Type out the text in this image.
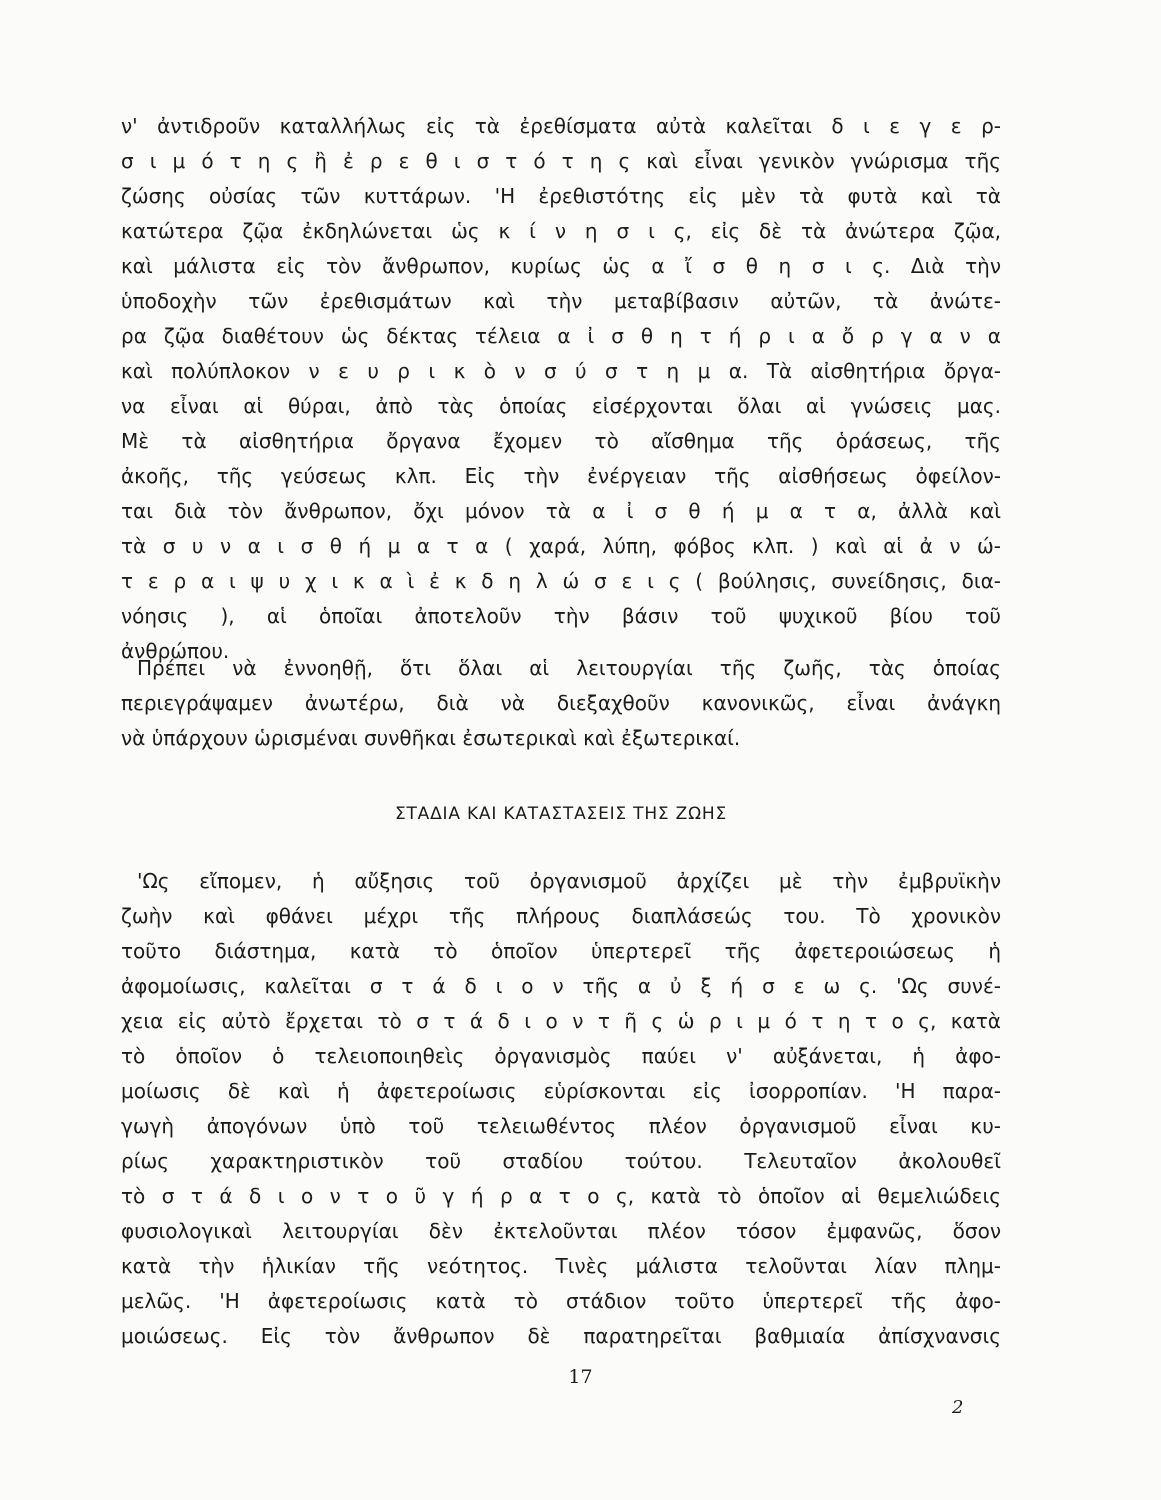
ν' ἀντιδροῦν καταλλήλως εἰς τὰ ἐρεθίσματα αὐτὰ καλεῖται δ ι ε γ ε ρ-
σ ι μ ό τ η ς ἢ ἐ ρ ε θ ι σ τ ό τ η ς καὶ εἶναι γενικὸν γνώρισμα τῆς
ζώσης οὐσίας τῶν κυττάρων. 'Η ἐρεθιστότης εἰς μὲν τὰ φυτὰ καὶ τὰ
κατώτερα ζῷα ἐκδηλώνεται ὡς κ ί ν η σ ι ς, εἰς δὲ τὰ ἀνώτερα ζῷα,
καὶ μάλιστα εἰς τὸν ἄνθρωπον, κυρίως ὡς α ἴ σ θ η σ ι ς. Διὰ τὴν
ὑποδοχὴν τῶν ἐρεθισμάτων καὶ τὴν μεταβίβασιν αὐτῶν, τὰ ἀνώτε-
ρα ζῷα διαθέτουν ὡς δέκτας τέλεια α ἰ σ θ η τ ή ρ ι α ὄ ρ γ α ν α
καὶ πολύπλοκον ν ε υ ρ ι κ ὸ ν σ ύ σ τ η μ α. Τὰ αἰσθητήρια ὄργα-
να εἶναι αἱ θύραι, ἀπὸ τὰς ὁποίας εἰσέρχονται ὅλαι αἱ γνώσεις μας.
Μὲ τὰ αἰσθητήρια ὄργανα ἔχομεν τὸ αἴσθημα τῆς ὁράσεως, τῆς
ἀκοῆς, τῆς γεύσεως κλπ. Εἰς τὴν ἐνέργειαν τῆς αἰσθήσεως ὀφείλον-
ται διὰ τὸν ἄνθρωπον, ὄχι μόνον τὰ α ἰ σ θ ή μ α τ α, ἀλλὰ καὶ
τὰ σ υ ν α ι σ θ ή μ α τ α ( χαρά, λύπη, φόβος κλπ. ) καὶ αἱ ἀ ν ώ-
τ ε ρ α ι ψ υ χ ι κ α ὶ ἐ κ δ η λ ώ σ ε ι ς ( βούλησις, συνείδησις, δια-
νόησις ), αἱ ὁποῖαι ἀποτελοῦν τὴν βάσιν τοῦ ψυχικοῦ βίου τοῦ
ἀνθρώπου.
Πρέπει νὰ ἐννοηθῇ, ὅτι ὅλαι αἱ λειτουργίαι τῆς ζωῆς, τὰς ὁποίας
περιεγράψαμεν ἀνωτέρω, διὰ νὰ διεξαχθοῦν κανονικῶς, εἶναι ἀνάγκη
νὰ ὑπάρχουν ὡρισμέναι συνθῆκαι ἐσωτερικαὶ καὶ ἐξωτερικαί.
ΣΤΑΔΙΑ ΚΑΙ ΚΑΤΑΣΤΑΣΕΙΣ ΤΗΣ ΖΩΗΣ
'Ως εἴπομεν, ἡ αὔξησις τοῦ ὀργανισμοῦ ἀρχίζει μὲ τὴν ἐμβρυϊκὴν
ζωὴν καὶ φθάνει μέχρι τῆς πλήρους διαπλάσεώς του. Τὸ χρονικὸν
τοῦτο διάστημα, κατὰ τὸ ὁποῖον ὑπερτερεῖ τῆς ἀφετεροιώσεως ἡ
ἀφομοίωσις, καλεῖται σ τ ά δ ι ο ν τῆς α ὐ ξ ή σ ε ω ς. 'Ως συνέ-
χεια εἰς αὐτὸ ἔρχεται τὸ σ τ ά δ ι ο ν τ ῆ ς ὡ ρ ι μ ό τ η τ ο ς, κατὰ
τὸ ὁποῖον ὁ τελειοποιηθεὶς ὀργανισμὸς παύει ν' αὐξάνεται, ἡ ἀφο-
μοίωσις δὲ καὶ ἡ ἀφετεροίωσις εὑρίσκονται εἰς ἰσορροπίαν. 'Η παρα-
γωγὴ ἀπογόνων ὑπὸ τοῦ τελειωθέντος πλέον ὀργανισμοῦ εἶναι κυ-
ρίως χαρακτηριστικὸν τοῦ σταδίου τούτου. Τελευταῖον ἀκολουθεῖ
τὸ σ τ ά δ ι ο ν τ ο ῦ γ ή ρ α τ ο ς, κατὰ τὸ ὁποῖον αἱ θεμελιώδεις
φυσιολογικαὶ λειτουργίαι δὲν ἐκτελοῦνται πλέον τόσον ἐμφανῶς, ὅσον
κατὰ τὴν ἡλικίαν τῆς νεότητος. Τινὲς μάλιστα τελοῦνται λίαν πλημ-
μελῶς. 'Η ἀφετεροίωσις κατὰ τὸ στάδιον τοῦτο ὑπερτερεῖ τῆς ἀφο-
μοιώσεως. Εἰς τὸν ἄνθρωπον δὲ παρατηρεῖται βαθμιαία ἀπίσχνανσις
17
2
